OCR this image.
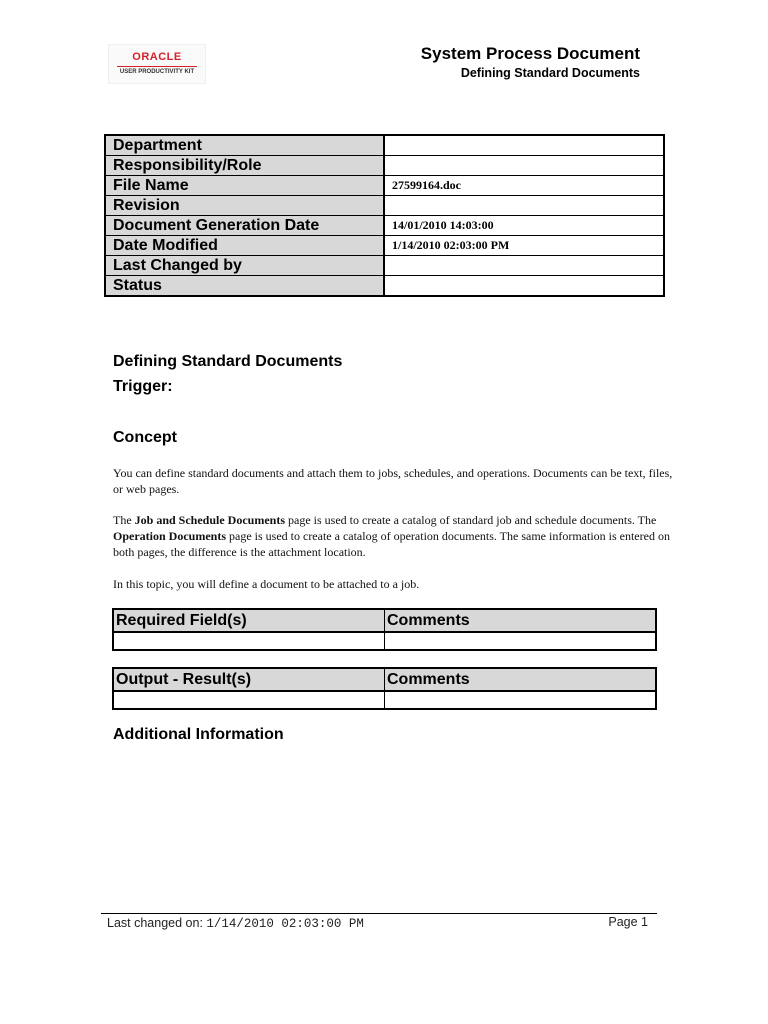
ORACLE
USER PRODUCTIVITY KIT
System Process Document
Defining Standard Documents
Department	
Responsibility/Role	
File Name	27599164.doc
Revision	
Document Generation Date	14/01/2010 14:03:00
Date Modified	1/14/2010 02:03:00 PM
Last Changed by	
Status	
Defining Standard Documents
Trigger:
Concept
You can define standard documents and attach them to jobs, schedules, and operations. Documents can be text, files, or web pages.
The Job and Schedule Documents page is used to create a catalog of standard job and schedule documents. The Operation Documents page is used to create a catalog of operation documents. The same information is entered on both pages, the difference is the attachment location.
In this topic, you will define a document to be attached to a job.
Required Field(s)	Comments

Output - Result(s)	Comments

Additional Information
Last changed on: 1/14/2010 02:03:00 PM	Page 1
